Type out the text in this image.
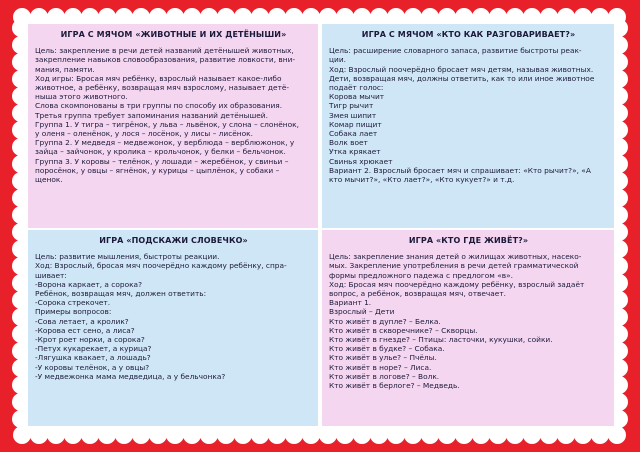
ИГРА С МЯЧОМ «ЖИВОТНЫЕ И ИХ ДЕТЁНЫШИ»
Цель: закрепление в речи детей названий детёнышей животных,
закрепление навыков словообразования, развитие ловкости, вни-
мания, памяти.
Ход игры: Бросая мяч ребёнку, взрослый называет какое-либо
животное, а ребёнку, возвращая мяч взрослому, называет детё-
ныша этого животного.
Слова скомпонованы в три группы по способу их образования.
Третья группа требует запоминания названий детёнышей.
Группа 1. У тигра – тигрёнок, у льва – львёнок, у слона – слонёнок,
у оленя – оленёнок, у лося – лосёнок, у лисы – лисёнок.
Группа 2. У медведя – медвежонок, у верблюда – верблюжонок, у
зайца – зайчонок, у кролика – крольчонок, у белки – бельчонок.
Группа 3. У коровы – телёнок, у лошади – жеребёнок, у свиньи –
поросёнок, у овцы – ягнёнок, у курицы – цыплёнок, у собаки –
щенок.
ИГРА С МЯЧОМ «КТО КАК РАЗГОВАРИВАЕТ?»
Цель: расширение словарного запаса, развитие быстроты реак-
ции.
Ход: Взрослый поочерёдно бросает мяч детям, называя животных.
Дети, возвращая мяч, должны ответить, как то или иное животное
подаёт голос:
Корова мычит
Тигр рычит
Змея шипит
Комар пищит
Собака лает
Волк воет
Утка крякает
Свинья хрюкает
Вариант 2. Взрослый бросает мяч и спрашивает: «Кто рычит?», «А
кто мычит?», «Кто лает?», «Кто кукует?» и т.д.
ИГРА «ПОДСКАЖИ СЛОВЕЧКО»
Цель: развитие мышления, быстроты реакции.
Ход: Взрослый, бросая мяч поочерёдно каждому ребёнку, спра-
шивает:
-Ворона каркает, а сорока?
Ребёнок, возвращая мяч, должен ответить:
-Сорока стрекочет.
Примеры вопросов:
-Сова летает, а кролик?
-Корова ест сено, а лиса?
-Крот роет норки, а сорока?
-Петух кукарекает, а курица?
-Лягушка квакает, а лошадь?
-У коровы телёнок, а у овцы?
-У медвежонка мама медведица, а у бельчонка?
ИГРА «КТО ГДЕ ЖИВЁТ?»
Цель: закрепление знания детей о жилищах животных, насеко-
мых. Закрепление употребления в речи детей грамматической
формы предложного падежа с предлогом «в».
Ход: Бросая мяч поочерёдно каждому ребёнку, взрослый задаёт
вопрос, а ребёнок, возвращая мяч, отвечает.
Вариант 1.
Взрослый – Дети
Кто живёт в дупле? – Белка.
Кто живёт в скворечнике? – Скворцы.
Кто живёт в гнезде? – Птицы: ласточки, кукушки, сойки.
Кто живёт в будке? – Собака.
Кто живёт в улье? – Пчёлы.
Кто живёт в норе? – Лиса.
Кто живёт в логове? – Волк.
Кто живёт в берлоге? – Медведь.
